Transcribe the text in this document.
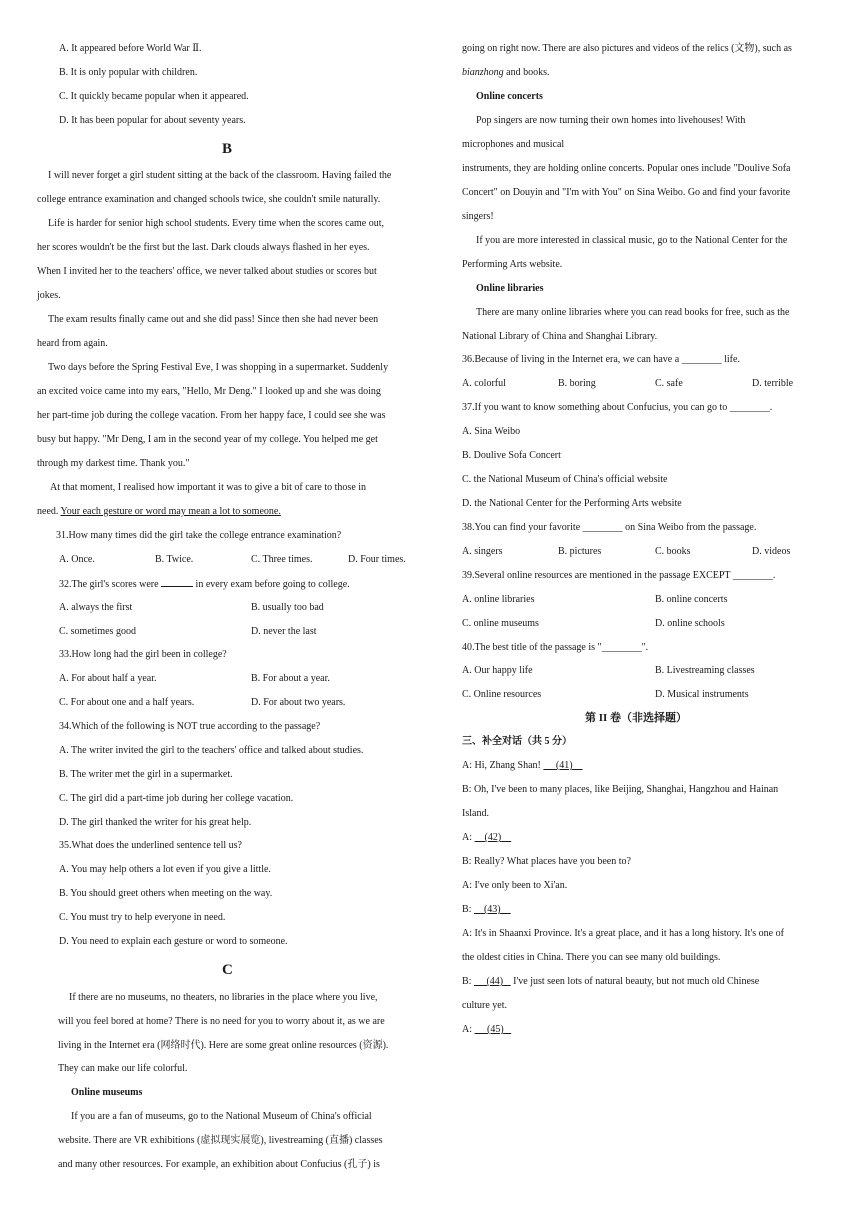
A. It appeared before World War Ⅱ.
B. It is only popular with children.
C. It quickly became popular when it appeared.
D. It has been popular for about seventy years.
B
I will never forget a girl student sitting at the back of the classroom. Having failed the
college entrance examination and changed schools twice, she couldn't smile naturally.
Life is harder for senior high school students. Every time when the scores came out,
her scores wouldn't be the first but the last. Dark clouds always flashed in her eyes.
When I invited her to the teachers' office, we never talked about studies or scores but
jokes.
The exam results finally came out and she did pass! Since then she had never been
heard from again.
Two days before the Spring Festival Eve, I was shopping in a supermarket. Suddenly
an excited voice came into my ears, "Hello, Mr Deng." I looked up and she was doing
her part-time job during the college vacation. From her happy face, I could see she was
busy but happy. "Mr Deng, I am in the second year of my college. You helped me get
through my darkest time. Thank you."
At that moment, I realised how important it was to give a bit of care to those in
need. Your each gesture or word may mean a lot to someone.
31.How many times did the girl take the college entrance examination?
A. Once.	B. Twice.	C. Three times.	D. Four times.
32.The girl's scores were	in every exam before going to college.
A. always the first	B. usually too bad
C. sometimes good	D. never the last
33.How long had the girl been in college?
A. For about half a year.	B. For about a year.
C. For about one and a half years.	D. For about two years.
34.Which of the following is NOT true according to the passage?
A. The writer invited the girl to the teachers' office and talked about studies.
B. The writer met the girl in a supermarket.
C. The girl did a part-time job during her college vacation.
D. The girl thanked the writer for his great help.
35.What does the underlined sentence tell us?
A. You may help others a lot even if you give a little.
B. You should greet others when meeting on the way.
C. You must try to help everyone in need.
D. You need to explain each gesture or word to someone.
C
If there are no museums, no theaters, no libraries in the place where you live,
will you feel bored at home? There is no need for you to worry about it, as we are
living in the Internet era (网络时代). Here are some great online resources (资源).
They can make our life colorful.
Online museums
If you are a fan of museums, go to the National Museum of China's official
website. There are VR exhibitions (虚拟现实展览), livestreaming (直播) classes
and many other resources. For example, an exhibition about Confucius (孔子) is
going on right now. There are also pictures and videos of the relics (文物), such as
bianzhong and books.
Online concerts
Pop singers are now turning their own homes into livehouses! With
microphones and musical
instruments, they are holding online concerts. Popular ones include "Doulive Sofa
Concert" on Douyin and "I'm with You" on Sina Weibo. Go and find your favorite
singers!
If you are more interested in classical music, go to the National Center for the
Performing Arts website.
Online libraries
There are many online libraries where you can read books for free, such as the
National Library of China and Shanghai Library.
36.Because of living in the Internet era, we can have a ________ life.
A. colorful	B. boring	C. safe	D. terrible
37.If you want to know something about Confucius, you can go to ________.
A. Sina Weibo
B. Doulive Sofa Concert
C. the National Museum of China's official website
D. the National Center for the Performing Arts website
38.You can find your favorite ________ on Sina Weibo from the passage.
A. singers	B. pictures	C. books	D. videos
39.Several online resources are mentioned in the passage EXCEPT ________.
A. online libraries	B. online concerts
C. online museums	D. online schools
40.The best title of the passage is "________".
A. Our happy life	B. Livestreaming classes
C. Online resources	D. Musical instruments
第 II 卷（非选择题）
三、补全对话（共 5 分）
A: Hi, Zhang Shan!      (41)
B: Oh, I've been to many places, like Beijing, Shanghai, Hangzhou and Hainan
Island.
A:     (42)
B: Really? What places have you been to?
A: I've only been to Xi'an.
B:     (43)
A: It's in Shaanxi Province. It's a great place, and it has a long history. It's one of
the oldest cities in China. There you can see many old buildings.
B:      (44)    I've just seen lots of natural beauty, but not much old Chinese
culture yet.
A:      (45)
